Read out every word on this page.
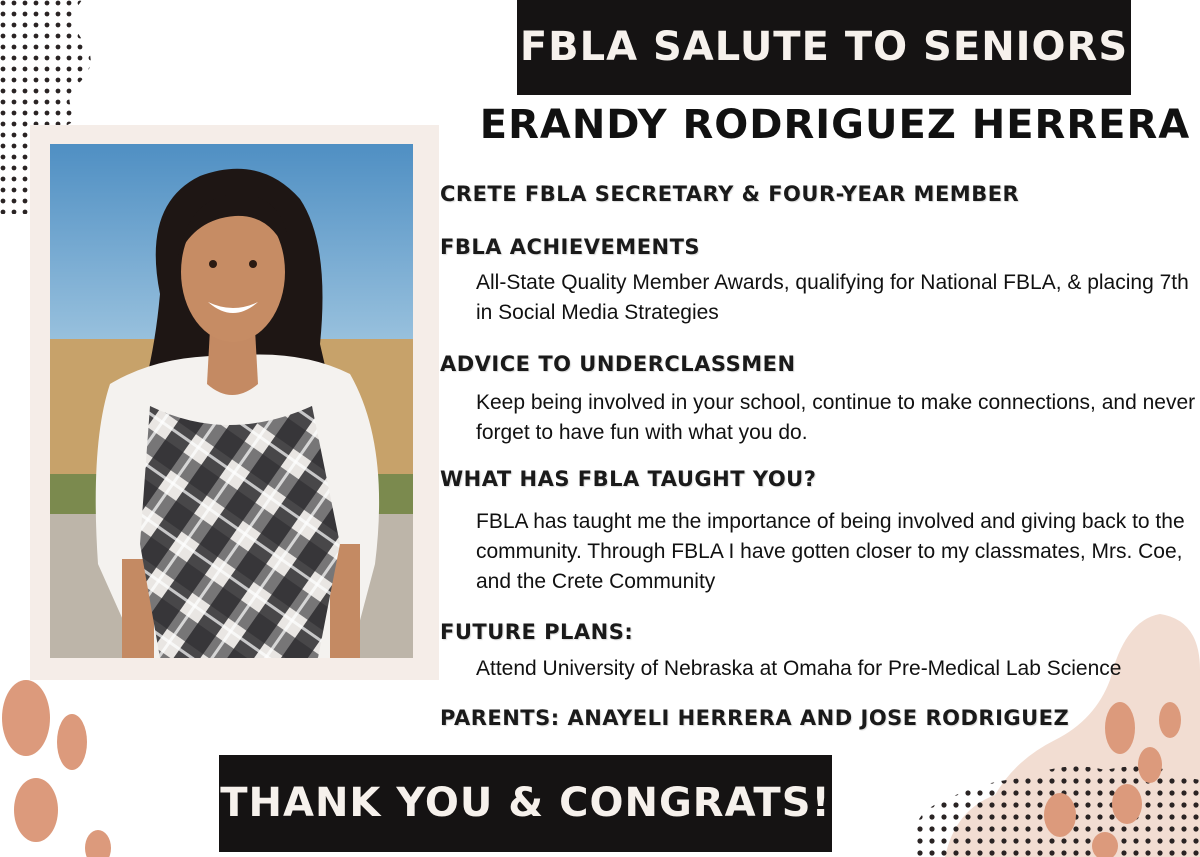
FBLA SALUTE TO SENIORS
ERANDY RODRIGUEZ HERRERA
CRETE FBLA SECRETARY & FOUR-YEAR MEMBER
FBLA ACHIEVEMENTS
All-State Quality Member Awards, qualifying for National FBLA, & placing 7th in Social Media Strategies
ADVICE TO UNDERCLASSMEN
Keep being involved in your school, continue to make connections, and never forget to have fun with what you do.
WHAT HAS FBLA TAUGHT YOU?
FBLA has taught me the importance of being involved and giving back to the community. Through FBLA I have gotten closer to my classmates, Mrs. Coe, and the Crete Community
FUTURE PLANS:
Attend University of Nebraska at Omaha for Pre-Medical Lab Science
PARENTS: ANAYELI HERRERA AND JOSE RODRIGUEZ
THANK YOU & CONGRATS!
